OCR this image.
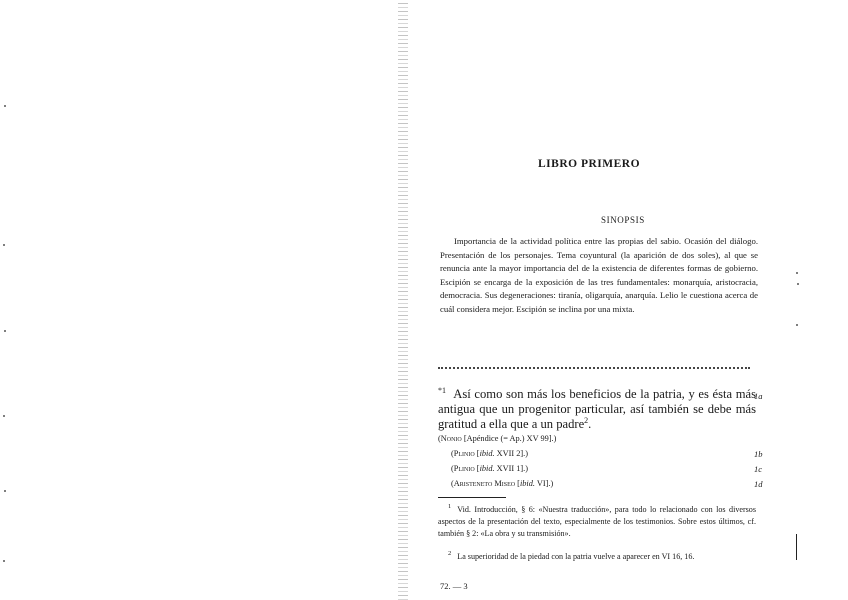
LIBRO PRIMERO
SINOPSIS

Importancia de la actividad política entre las propias del sabio. Ocasión del diálogo. Presentación de los personajes. Tema coyuntural (la aparición de dos soles), al que se renuncia ante la mayor importancia del de la existencia de diferentes formas de gobierno. Escipión se encarga de la exposición de las tres fundamentales: monarquía, aristocracia, democracia. Sus degeneraciones: tiranía, oligarquía, anarquía. Lelio le cuestiona acerca de cuál considera mejor. Escipión se inclina por una mixta.

$^{*1}$ Así como son más los beneficios de la patria, y es ésta más antigua que un progenitor particular, así también se debe más gratitud a ella que a un padre$^2$.

1a

(Nonio [Apéndice (= Ap.) XV 99].)

(Plinio [ibid. XVII 2].)	1b

(Plinio [ibid. XVII 1].)	1c

(Aristeneto Miseo [ibid. VI].)	1d

$^1$ Vid. Introducción, § 6: «Nuestra traducción», para todo lo relacionado con los diversos aspectos de la presentación del texto, especialmente de los testimonios. Sobre estos últimos, cf. también § 2: «La obra y su transmisión».

$^2$ La superioridad de la piedad con la patria vuelve a aparecer en VI 16, 16.

72. — 3
